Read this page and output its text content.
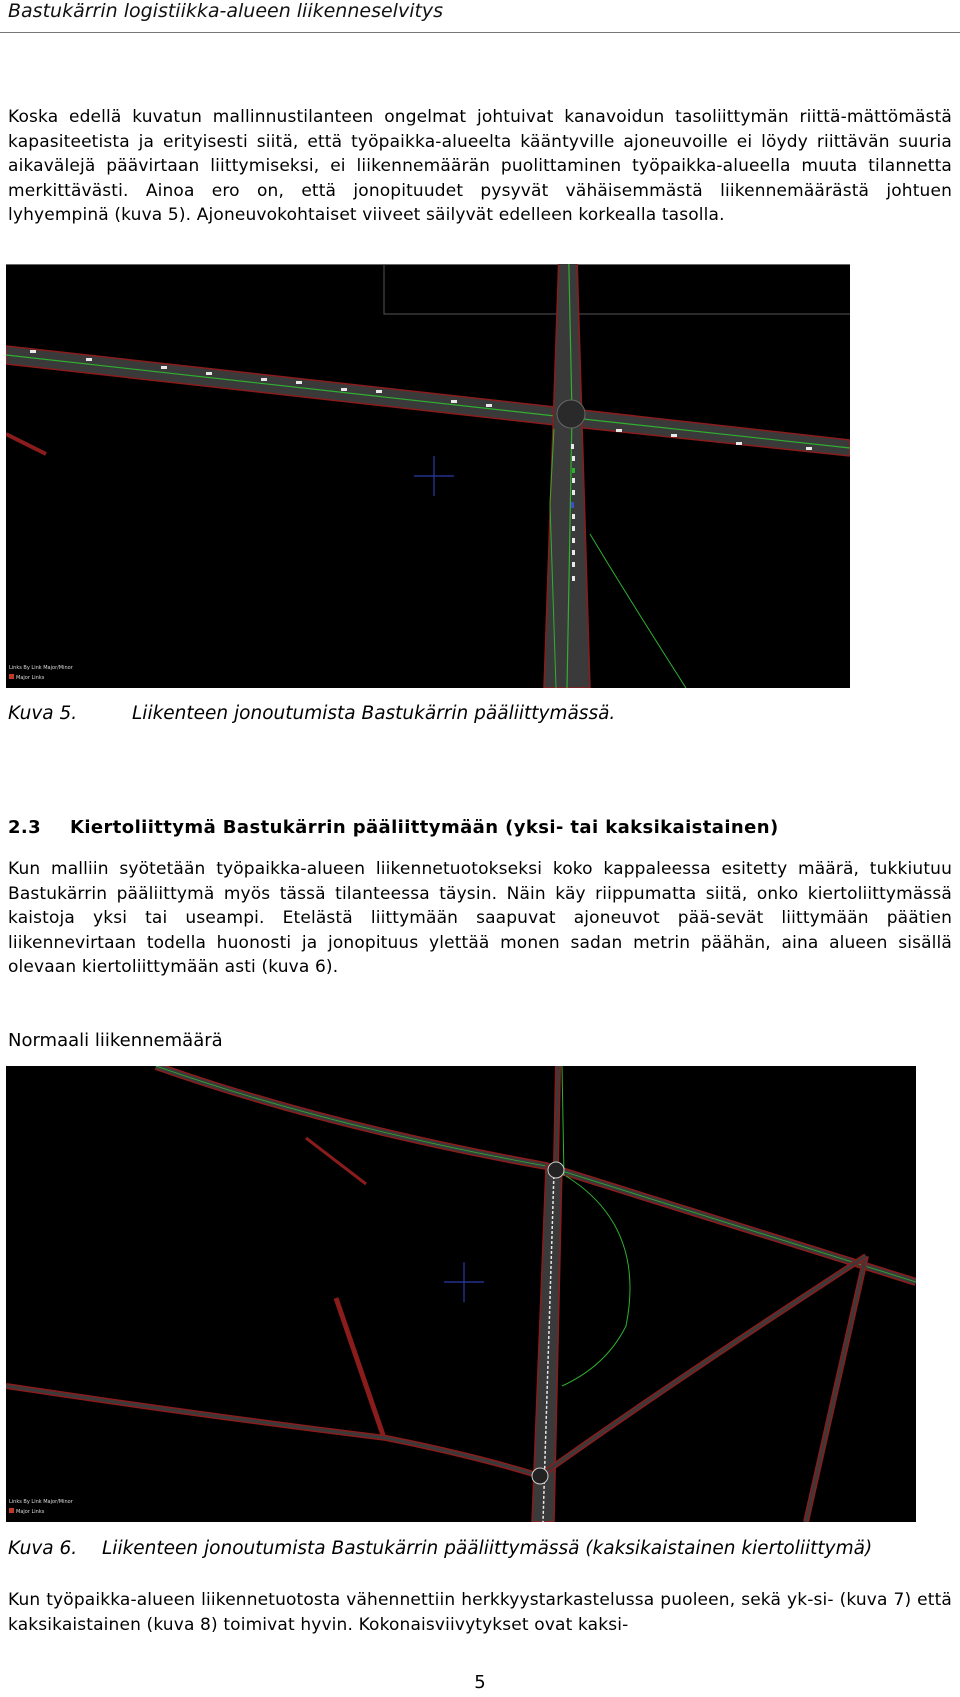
Bastukärrin logistiikka-alueen liikenneselvitys

Koska edellä kuvatun mallinnustilanteen ongelmat johtuivat kanavoidun tasoliittymän riittä-mättömästä kapasiteetista ja erityisesti siitä, että työpaikka-alueelta kääntyville ajoneuvoille ei löydy riittävän suuria aikavälejä päävirtaan liittymiseksi, ei liikennemäärän puolittaminen työpaikka-alueella muuta tilannetta merkittävästi. Ainoa ero on, että jonopituudet pysyvät vähäisemmästä liikennemäärästä johtuen lyhyempinä (kuva 5). Ajoneuvokohtaiset viiveet säilyvät edelleen korkealla tasolla.

Links By Link Major/Minor
Major Links
Kuva 5.	Liikenteen jonoutumista Bastukärrin pääliittymässä.
2.3 Kiertoliittymä Bastukärrin pääliittymään (yksi- tai kaksikaistainen)

Kun malliin syötetään työpaikka-alueen liikennetuotokseksi koko kappaleessa esitetty määrä, tukkiutuu Bastukärrin pääliittymä myös tässä tilanteessa täysin. Näin käy riippumatta siitä, onko kiertoliittymässä kaistoja yksi tai useampi. Etelästä liittymään saapuvat ajoneuvot pää-sevät liittymään päätien liikennevirtaan todella huonosti ja jonopituus ylettää monen sadan metrin päähän, aina alueen sisällä olevaan kiertoliittymään asti (kuva 6).

Normaali liikennemäärä
Links By Link Major/Minor
Major Links
Kuva 6. Liikenteen jonoutumista Bastukärrin pääliittymässä (kaksikaistainen kiertoliittymä)

Kun työpaikka-alueen liikennetuotosta vähennettiin herkkyystarkastelussa puoleen, sekä yk-si- (kuva 7) että kaksikaistainen (kuva 8) toimivat hyvin. Kokonaisviivytykset ovat kaksi-

5
